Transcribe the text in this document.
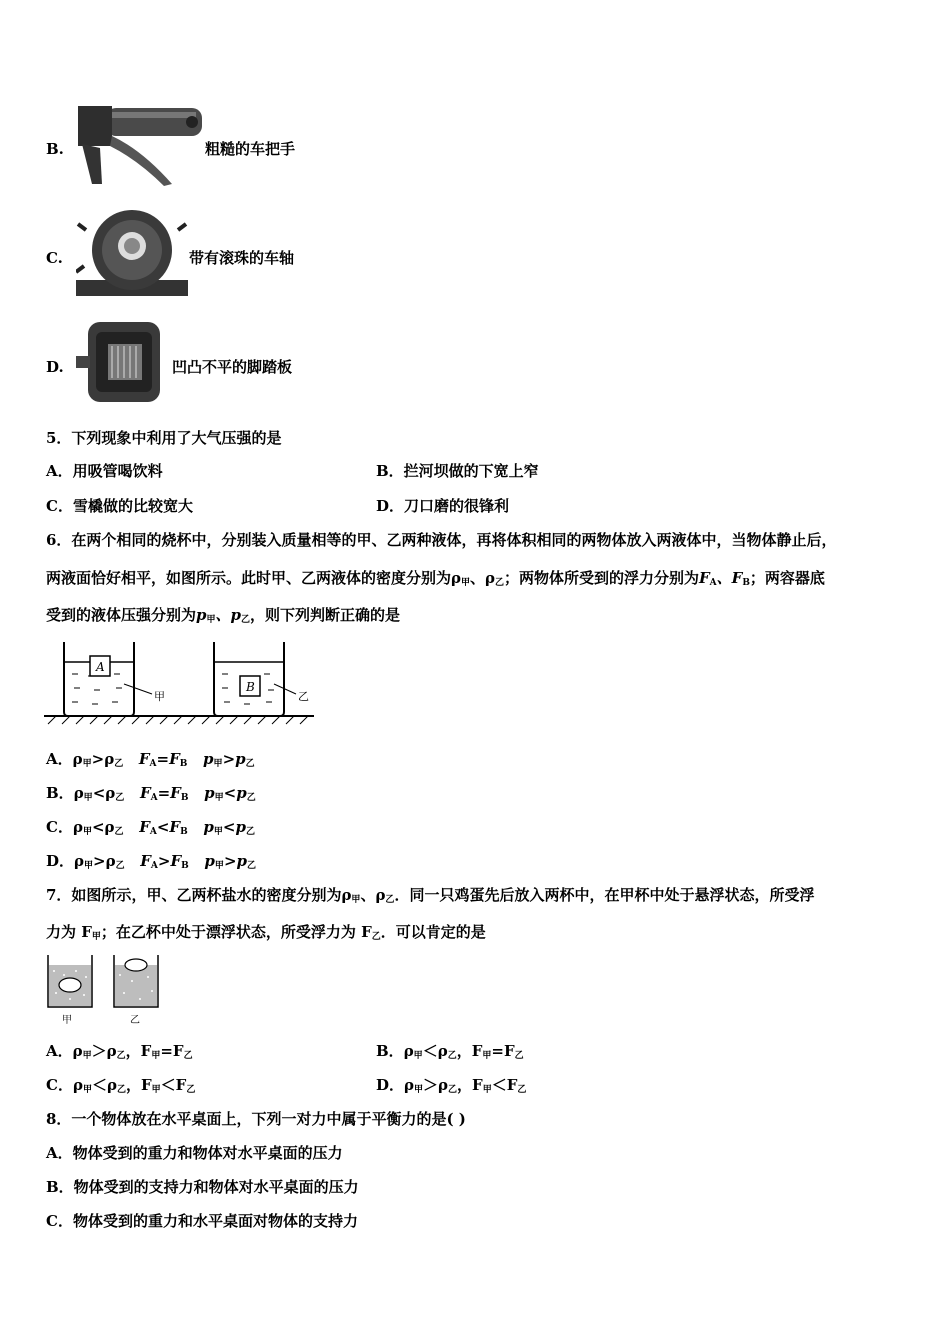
B.	粗糙的车把手
C.	带有滚珠的车轴
D.	凹凸不平的脚踏板
5．下列现象中利用了大气压强的是
A．用吸管喝饮料	B．拦河坝做的下宽上窄
C．雪橇做的比较宽大	D．刀口磨的很锋利
6．在两个相同的烧杯中，分别装入质量相等的甲、乙两种液体，再将体积相同的两物体放入两液体中，当物体静止后，
两液面恰好相平，如图所示。此时甲、乙两液体的密度分别为$\rho_甲$、$\rho_乙$；两物体所受到的浮力分别为$F_A$、$F_B$；两容器底
受到的液体压强分别为$p_甲$、$p_乙$，则下列判断正确的是
A
甲
B
乙
A．$\rho_甲>\rho_乙$ $F_A=F_B$ $p_甲>p_乙$
B．$\rho_甲<\rho_乙$ $F_A=F_B$ $p_甲<p_乙$
C．$\rho_甲<\rho_乙$ $F_A<F_B$ $p_甲<p_乙$
D．$\rho_甲>\rho_乙$ $F_A>F_B$ $p_甲>p_乙$
7．如图所示，甲、乙两杯盐水的密度分别为$\rho_甲$、$\rho_乙$．同一只鸡蛋先后放入两杯中，在甲杯中处于悬浮状态，所受浮
力为 $F_甲$；在乙杯中处于漂浮状态，所受浮力为 $F_乙$．可以肯定的是
甲	乙
A．$\rho_甲>\rho_乙$，$F_甲=F_乙$	B．$\rho_甲<\rho_乙$，$F_甲=F_乙$
C．$\rho_甲<\rho_乙$，$F_甲<F_乙$	D．$\rho_甲>\rho_乙$，$F_甲<F_乙$
8．一个物体放在水平桌面上，下列一对力中属于平衡力的是( )
A．物体受到的重力和物体对水平桌面的压力
B．物体受到的支持力和物体对水平桌面的压力
C．物体受到的重力和水平桌面对物体的支持力
